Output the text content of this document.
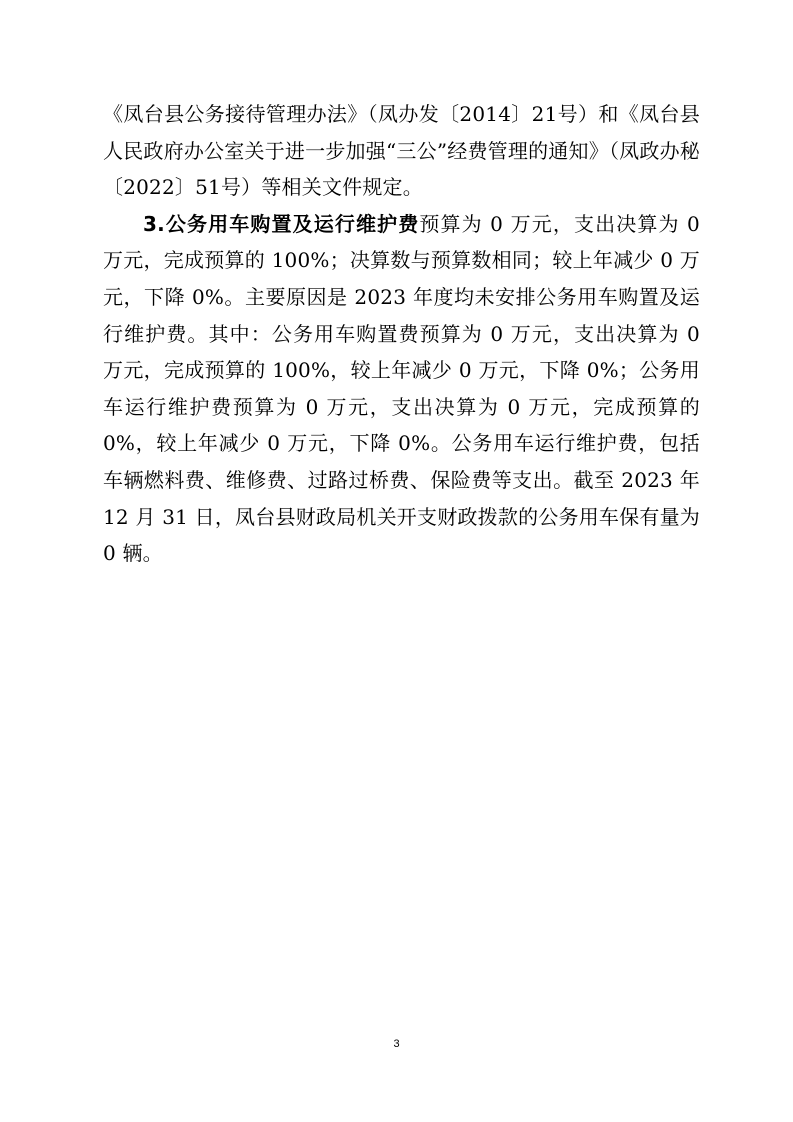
《凤台县公务接待管理办法》（凤办发〔2014〕21号）和《凤台县人民政府办公室关于进一步加强“三公”经费管理的通知》（凤政办秘〔2022〕51号）等相关文件规定。

3.公务用车购置及运行维护费预算为 0 万元，支出决算为 0 万元，完成预算的 100%；决算数与预算数相同；较上年减少 0 万元，下降 0%。主要原因是 2023 年度均未安排公务用车购置及运行维护费。其中：公务用车购置费预算为 0 万元，支出决算为 0 万元，完成预算的 100%，较上年减少 0 万元，下降 0%；公务用车运行维护费预算为 0 万元，支出决算为 0 万元，完成预算的 0%，较上年减少 0 万元，下降 0%。公务用车运行维护费，包括车辆燃料费、维修费、过路过桥费、保险费等支出。截至 2023 年 12 月 31 日，凤台县财政局机关开支财政拨款的公务用车保有量为 0 辆。

3
